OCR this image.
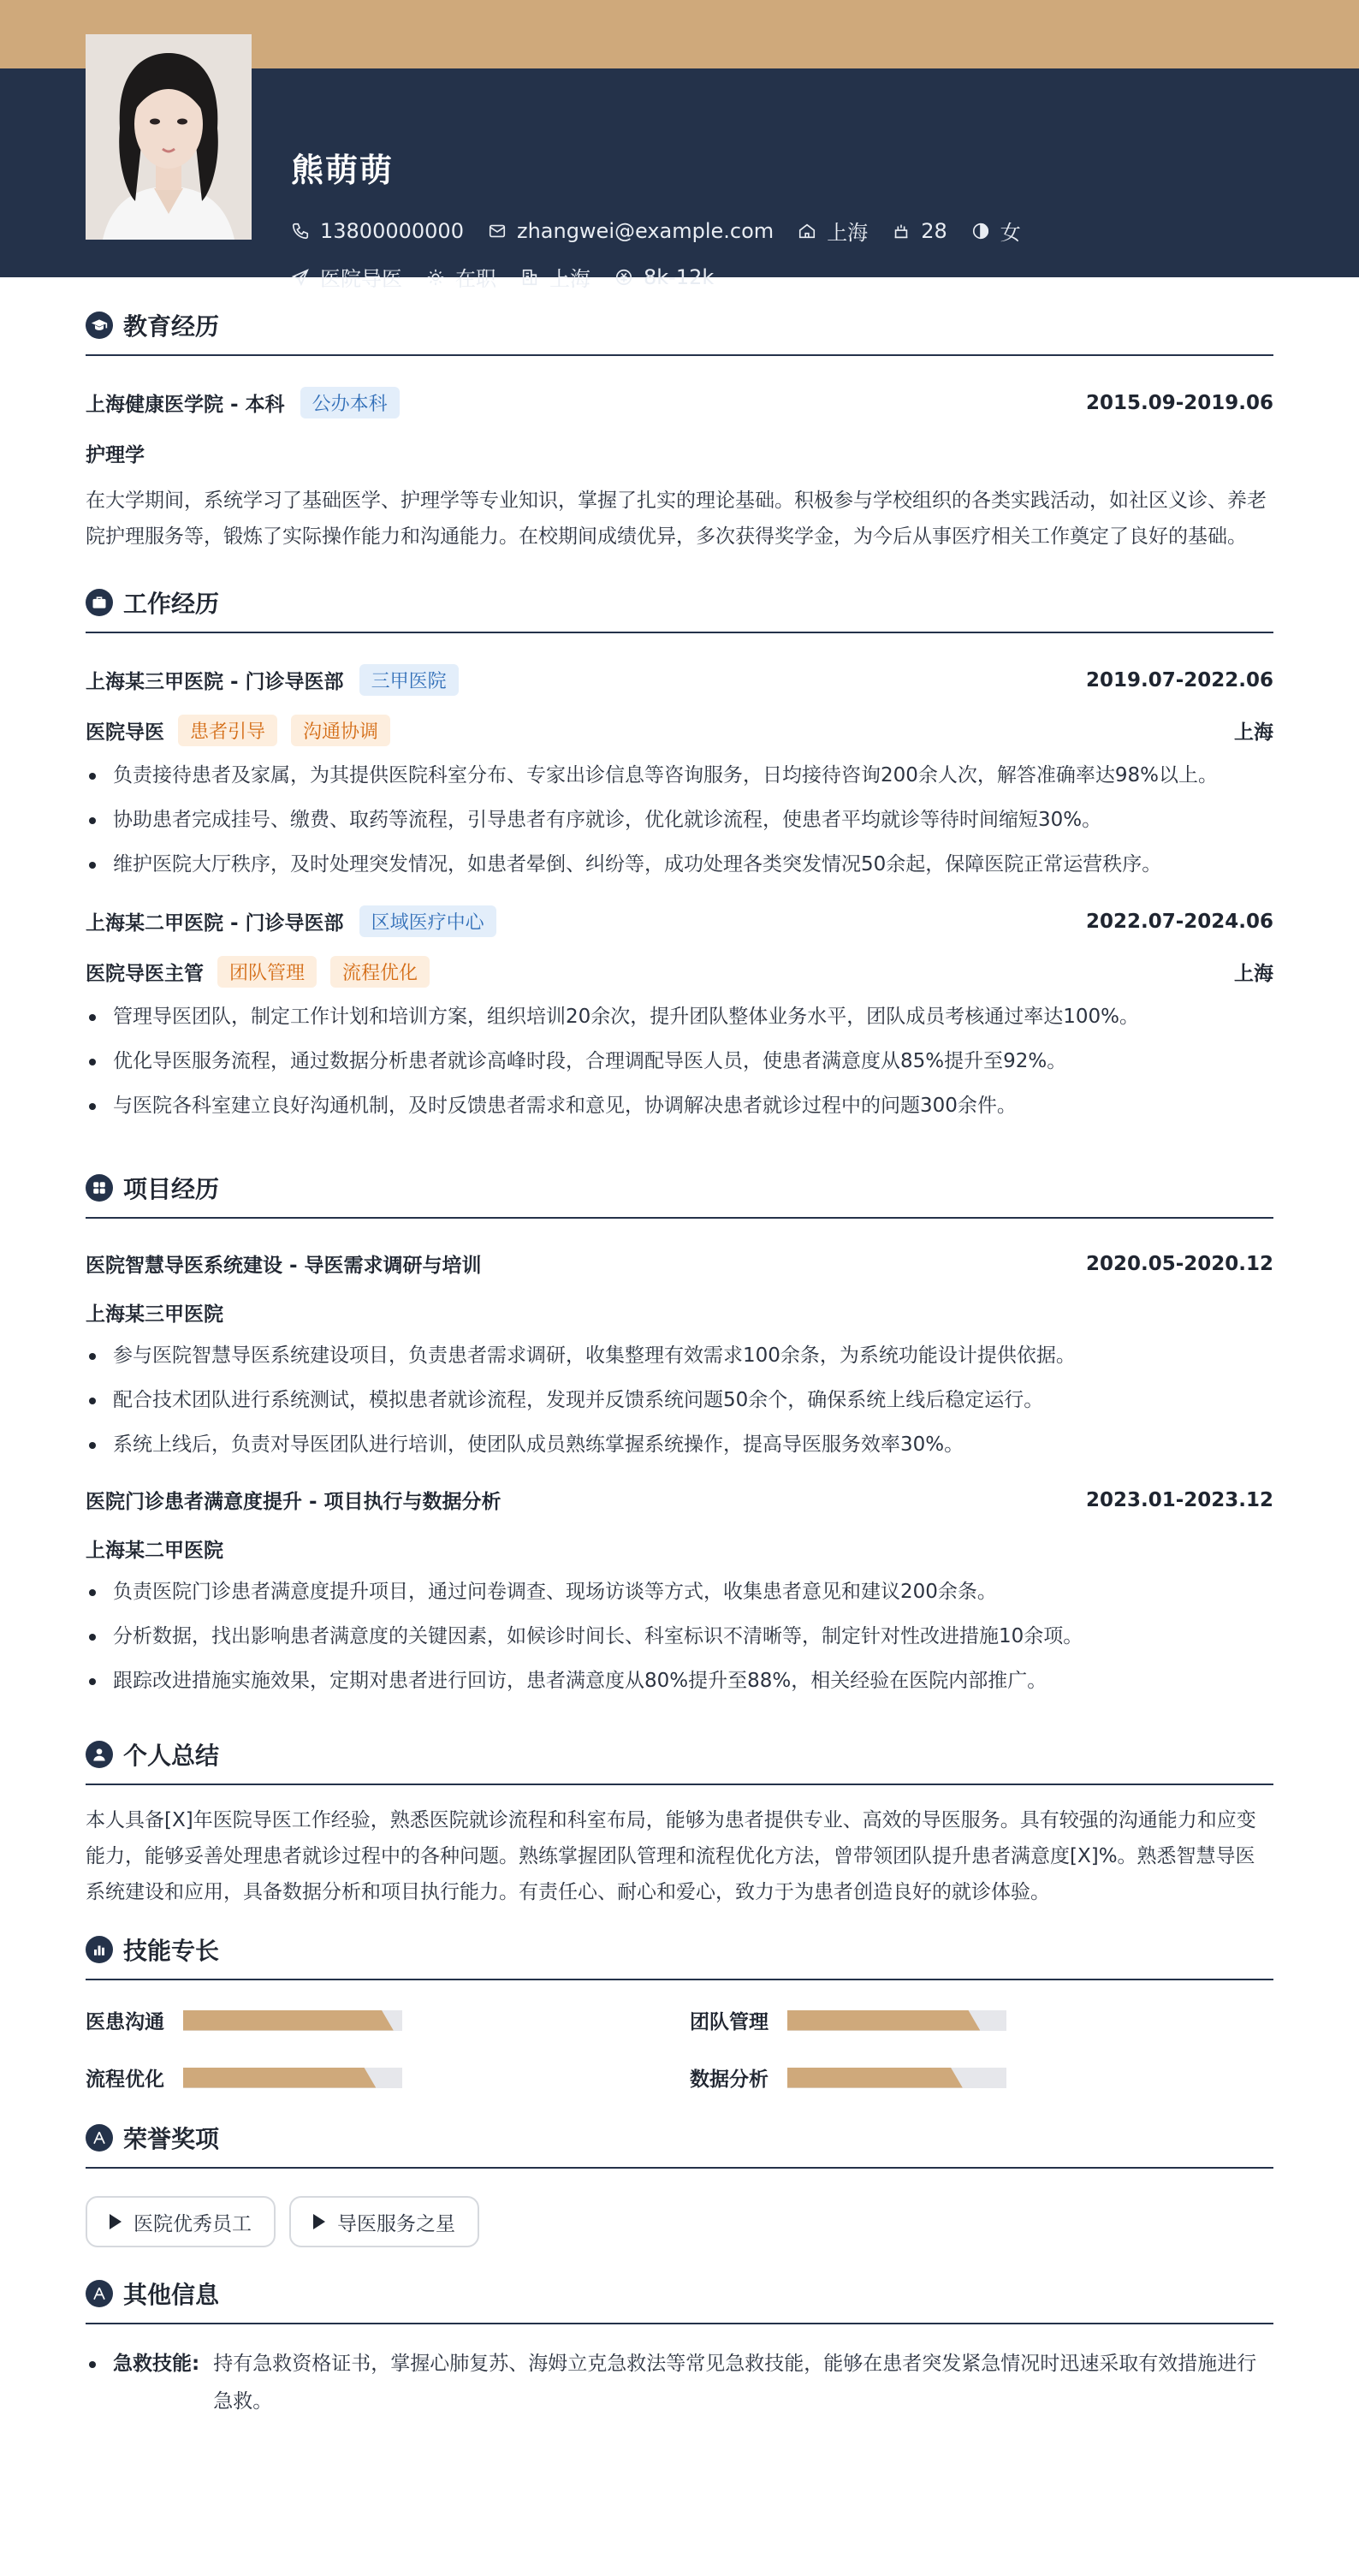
熊萌萌
13800000000	zhangwei@example.com	上海	28	女
医院导医	在职	上海	8k-12k
教育经历
上海健康医学院 - 本科	公办本科	2015.09-2019.06
护理学
在大学期间，系统学习了基础医学、护理学等专业知识，掌握了扎实的理论基础。积极参与学校组织的各类实践活动，如社区义诊、养老院护理服务等，锻炼了实际操作能力和沟通能力。在校期间成绩优异，多次获得奖学金，为今后从事医疗相关工作奠定了良好的基础。
工作经历
上海某三甲医院 - 门诊导医部	三甲医院	2019.07-2022.06
医院导医	患者引导	沟通协调	上海
负责接待患者及家属，为其提供医院科室分布、专家出诊信息等咨询服务，日均接待咨询200余人次，解答准确率达98%以上。
协助患者完成挂号、缴费、取药等流程，引导患者有序就诊，优化就诊流程，使患者平均就诊等待时间缩短30%。
维护医院大厅秩序，及时处理突发情况，如患者晕倒、纠纷等，成功处理各类突发情况50余起，保障医院正常运营秩序。
上海某二甲医院 - 门诊导医部	区域医疗中心	2022.07-2024.06
医院导医主管	团队管理	流程优化	上海
管理导医团队，制定工作计划和培训方案，组织培训20余次，提升团队整体业务水平，团队成员考核通过率达100%。
优化导医服务流程，通过数据分析患者就诊高峰时段，合理调配导医人员，使患者满意度从85%提升至92%。
与医院各科室建立良好沟通机制，及时反馈患者需求和意见，协调解决患者就诊过程中的问题300余件。
项目经历
医院智慧导医系统建设 - 导医需求调研与培训	2020.05-2020.12
上海某三甲医院
参与医院智慧导医系统建设项目，负责患者需求调研，收集整理有效需求100余条，为系统功能设计提供依据。
配合技术团队进行系统测试，模拟患者就诊流程，发现并反馈系统问题50余个，确保系统上线后稳定运行。
系统上线后，负责对导医团队进行培训，使团队成员熟练掌握系统操作，提高导医服务效率30%。
医院门诊患者满意度提升 - 项目执行与数据分析	2023.01-2023.12
上海某二甲医院
负责医院门诊患者满意度提升项目，通过问卷调查、现场访谈等方式，收集患者意见和建议200余条。
分析数据，找出影响患者满意度的关键因素，如候诊时间长、科室标识不清晰等，制定针对性改进措施10余项。
跟踪改进措施实施效果，定期对患者进行回访，患者满意度从80%提升至88%，相关经验在医院内部推广。
个人总结
本人具备[X]年医院导医工作经验，熟悉医院就诊流程和科室布局，能够为患者提供专业、高效的导医服务。具有较强的沟通能力和应变能力，能够妥善处理患者就诊过程中的各种问题。熟练掌握团队管理和流程优化方法，曾带领团队提升患者满意度[X]%。熟悉智慧导医系统建设和应用，具备数据分析和项目执行能力。有责任心、耐心和爱心，致力于为患者创造良好的就诊体验。
技能专长
医患沟通	团队管理
流程优化	数据分析
荣誉奖项
医院优秀员工	导医服务之星
其他信息
急救技能: 持有急救资格证书，掌握心肺复苏、海姆立克急救法等常见急救技能，能够在患者突发紧急情况时迅速采取有效措施进行急救。
